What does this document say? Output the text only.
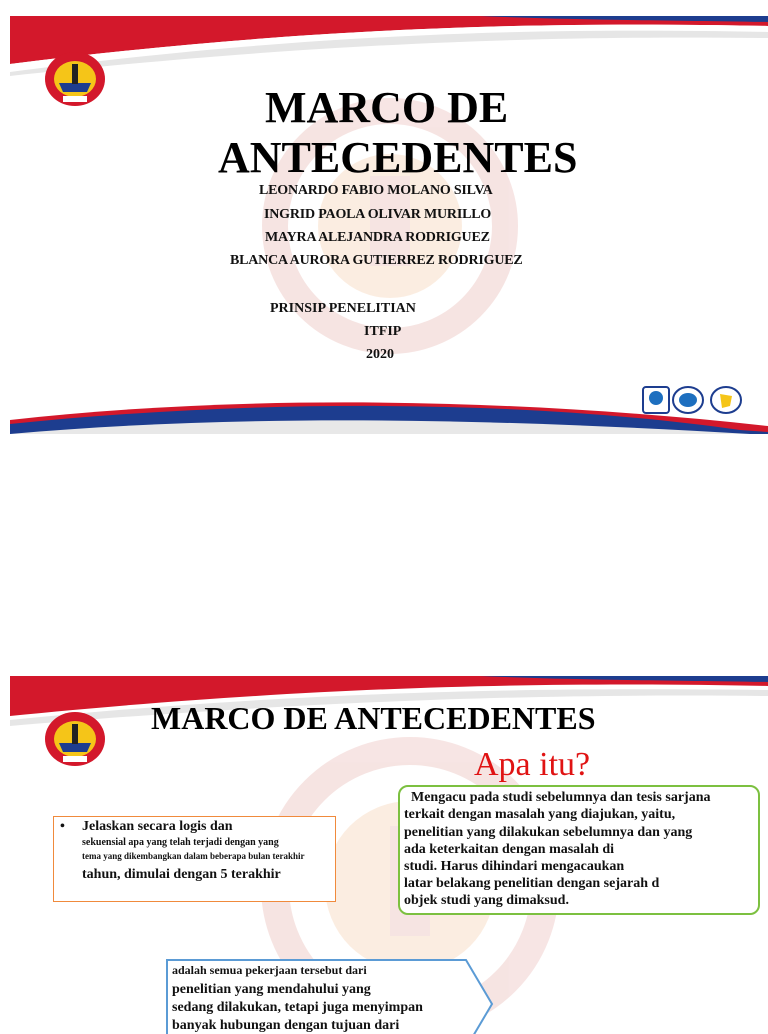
MARCO DE
ANTECEDENTES
LEONARDO FABIO MOLANO SILVA
INGRID PAOLA OLIVAR MURILLO
MAYRA ALEJANDRA RODRIGUEZ
BLANCA AURORA GUTIERREZ RODRIGUEZ
PRINSIP PENELITIAN
ITFIP
2020
MARCO DE ANTECEDENTES
Apa itu?
• Jelaskan secara logis dan
sekuensial apa yang telah terjadi dengan yang
tema yang dikembangkan dalam beberapa bulan terakhir
tahun, dimulai dengan 5 terakhir
Mengacu pada studi sebelumnya dan tesis sarjana
terkait dengan masalah yang diajukan, yaitu,
penelitian yang dilakukan sebelumnya dan yang
ada keterkaitan dengan masalah di
studi. Harus dihindari mengacaukan
latar belakang penelitian dengan sejarah d
objek studi yang dimaksud.
adalah semua pekerjaan tersebut dari
penelitian yang mendahului yang
sedang dilakukan, tetapi juga menyimpan
banyak hubungan dengan tujuan dari
